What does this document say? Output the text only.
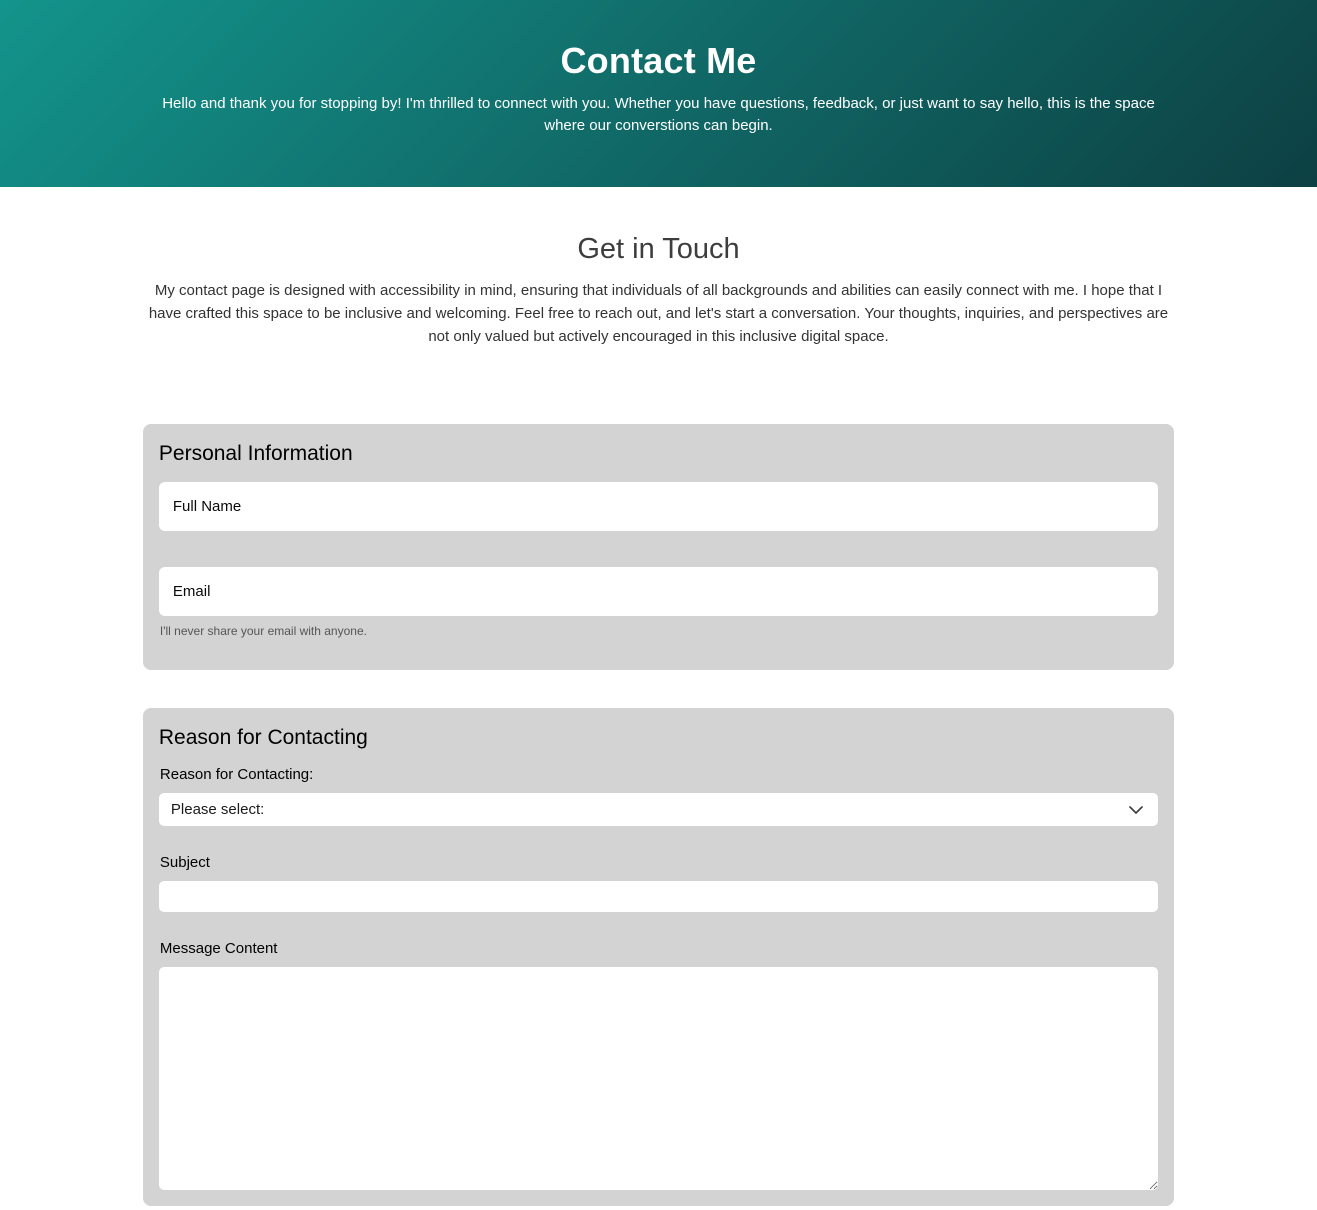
Contact Me

Hello and thank you for stopping by! I'm thrilled to connect with you. Whether you have questions, feedback, or just want to say hello, this is the space where our converstions can begin.

Get in Touch

My contact page is designed with accessibility in mind, ensuring that individuals of all backgrounds and abilities can easily connect with me. I hope that I have crafted this space to be inclusive and welcoming. Feel free to reach out, and let's start a conversation. Your thoughts, inquiries, and perspectives are not only valued but actively encouraged in this inclusive digital space.

Personal Information
Full Name
Email
I'll never share your email with anyone.
Reason for Contacting
Reason for Contacting:
Please select:
Subject
Message Content
